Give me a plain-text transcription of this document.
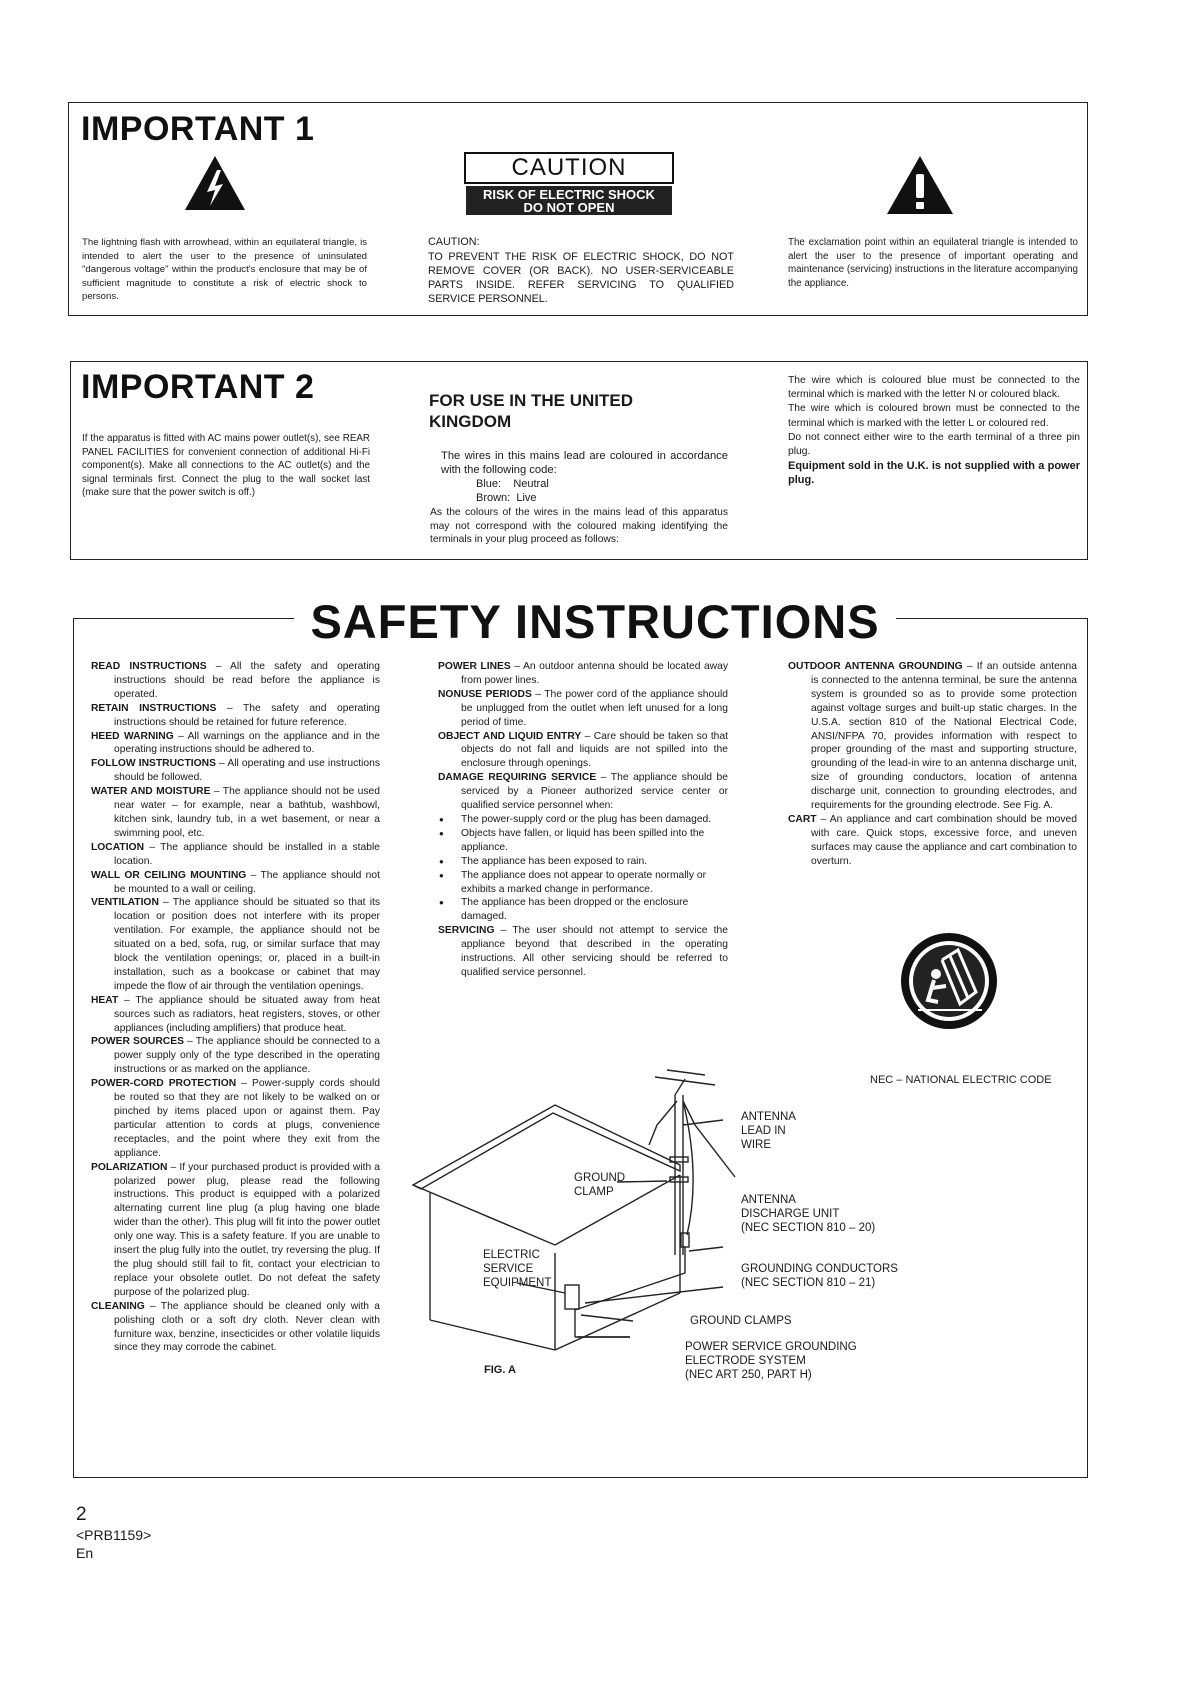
IMPORTANT 1
The lightning flash with arrowhead, within an equilateral triangle, is intended to alert the user to the presence of uninsulated "dangerous voltage" within the product's enclosure that may be of sufficient magnitude to constitute a risk of electric shock to persons.
CAUTION
RISK OF ELECTRIC SHOCK
DO NOT OPEN
CAUTION:
TO PREVENT THE RISK OF ELECTRIC SHOCK, DO NOT REMOVE COVER (OR BACK). NO USER-SERVICEABLE PARTS INSIDE. REFER SERVICING TO QUALIFIED SERVICE PERSONNEL.
The exclamation point within an equilateral triangle is intended to alert the user to the presence of important operating and maintenance (servicing) instructions in the literature accompanying the appliance.
IMPORTANT 2
If the apparatus is fitted with AC mains power outlet(s), see REAR PANEL FACILITIES for convenient connection of additional Hi-Fi component(s). Make all connections to the AC outlet(s) and the signal terminals first. Connect the plug to the wall socket last (make sure that the power switch is off.)
FOR USE IN THE UNITED
KINGDOM
The wires in this mains lead are coloured in accordance with the following code:
Blue: Neutral
Brown: Live
As the colours of the wires in the mains lead of this apparatus may not correspond with the coloured making identifying the terminals in your plug proceed as follows:
The wire which is coloured blue must be connected to the terminal which is marked with the letter N or coloured black.
The wire which is coloured brown must be connected to the terminal which is marked with the letter L or coloured red.
Do not connect either wire to the earth terminal of a three pin plug.
Equipment sold in the U.K. is not supplied with a power plug.
SAFETY INSTRUCTIONS
READ INSTRUCTIONS – All the safety and operating instructions should be read before the appliance is operated.
RETAIN INSTRUCTIONS – The safety and operating instructions should be retained for future reference.
HEED WARNING – All warnings on the appliance and in the operating instructions should be adhered to.
FOLLOW INSTRUCTIONS – All operating and use instructions should be followed.
WATER AND MOISTURE – The appliance should not be used near water – for example, near a bathtub, washbowl, kitchen sink, laundry tub, in a wet basement, or near a swimming pool, etc.
LOCATION – The appliance should be installed in a stable location.
WALL OR CEILING MOUNTING – The appliance should not be mounted to a wall or ceiling.
VENTILATION – The appliance should be situated so that its location or position does not interfere with its proper ventilation. For example, the appliance should not be situated on a bed, sofa, rug, or similar surface that may block the ventilation openings; or, placed in a built-in installation, such as a bookcase or cabinet that may impede the flow of air through the ventilation openings.
HEAT – The appliance should be situated away from heat sources such as radiators, heat registers, stoves, or other appliances (including amplifiers) that produce heat.
POWER SOURCES – The appliance should be connected to a power supply only of the type described in the operating instructions or as marked on the appliance.
POWER-CORD PROTECTION – Power-supply cords should be routed so that they are not likely to be walked on or pinched by items placed upon or against them. Pay particular attention to cords at plugs, convenience receptacles, and the point where they exit from the appliance.
POLARIZATION – If your purchased product is provided with a polarized power plug, please read the following instructions. This product is equipped with a polarized alternating current line plug (a plug having one blade wider than the other). This plug will fit into the power outlet only one way. This is a safety feature. If you are unable to insert the plug fully into the outlet, try reversing the plug. If the plug should still fail to fit, contact your electrician to replace your obsolete outlet. Do not defeat the safety purpose of the polarized plug.
CLEANING – The appliance should be cleaned only with a polishing cloth or a soft dry cloth. Never clean with furniture wax, benzine, insecticides or other volatile liquids since they may corrode the cabinet.
POWER LINES – An outdoor antenna should be located away from power lines.
NONUSE PERIODS – The power cord of the appliance should be unplugged from the outlet when left unused for a long period of time.
OBJECT AND LIQUID ENTRY – Care should be taken so that objects do not fall and liquids are not spilled into the enclosure through openings.
DAMAGE REQUIRING SERVICE – The appliance should be serviced by a Pioneer authorized service center or qualified service personnel when:
● The power-supply cord or the plug has been damaged.
● Objects have fallen, or liquid has been spilled into the appliance.
● The appliance has been exposed to rain.
● The appliance does not appear to operate normally or exhibits a marked change in performance.
● The appliance has been dropped or the enclosure damaged.
SERVICING – The user should not attempt to service the appliance beyond that described in the operating instructions. All other servicing should be referred to qualified service personnel.
OUTDOOR ANTENNA GROUNDING – If an outside antenna is connected to the antenna terminal, be sure the antenna system is grounded so as to provide some protection against voltage surges and built-up static charges. In the U.S.A. section 810 of the National Electrical Code, ANSI/NFPA 70, provides information with respect to proper grounding of the mast and supporting structure, grounding of the lead-in wire to an antenna discharge unit, size of grounding conductors, location of antenna discharge unit, connection to grounding electrodes, and requirements for the grounding electrode. See Fig. A.
CART – An appliance and cart combination should be moved with care. Quick stops, excessive force, and uneven surfaces may cause the appliance and cart combination to overturn.
NEC – NATIONAL ELECTRIC CODE
ANTENNA
LEAD IN
WIRE
GROUND
CLAMP
ANTENNA
DISCHARGE UNIT
(NEC SECTION 810 – 20)
ELECTRIC
SERVICE
EQUIPMENT
GROUNDING CONDUCTORS
(NEC SECTION 810 – 21)
GROUND CLAMPS
POWER SERVICE GROUNDING
ELECTRODE SYSTEM
(NEC ART 250, PART H)
FIG. A
2
<PRB1159>
En
